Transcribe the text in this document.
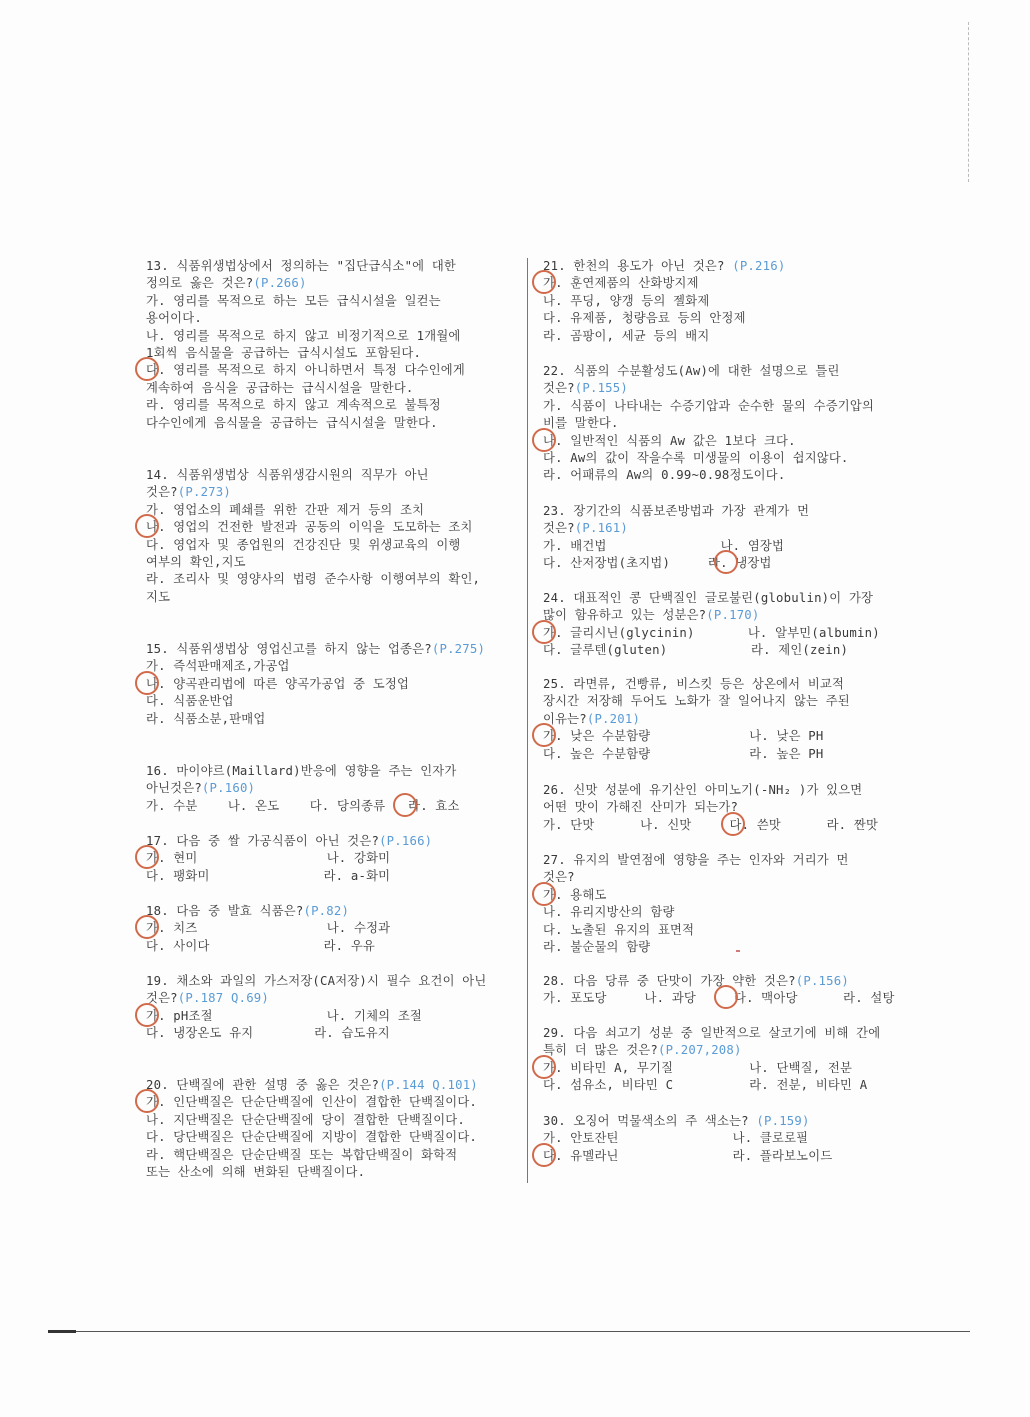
13. 식품위생법상에서 정의하는 "집단급식소"에 대한
정의로 옳은 것은?(P.266)
가. 영리를 목적으로 하는 모든 급식시설을 일컫는
용어이다.
나. 영리를 목적으로 하지 않고 비정기적으로 1개월에
1회씩 음식물을 공급하는 급식시설도 포함된다.
다. 영리를 목적으로 하지 아니하면서 특정 다수인에게
계속하여 음식을 공급하는 급식시설을 말한다.
라. 영리를 목적으로 하지 않고 계속적으로 불특정
다수인에게 음식물을 공급하는 급식시설을 말한다.
14. 식품위생법상 식품위생감시원의 직무가 아닌
것은?(P.273)
가. 영업소의 폐쇄를 위한 간판 제거 등의 조치
나. 영업의 건전한 발전과 공동의 이익을 도모하는 조치
다. 영업자 및 종업원의 건강진단 및 위생교육의 이행
여부의 확인,지도
라. 조리사 및 영양사의 법령 준수사항 이행여부의 확인,
지도
15. 식품위생법상 영업신고를 하지 않는 업종은?(P.275)
가. 즉석판매제조,가공업
나. 양곡관리법에 따른 양곡가공업 중 도정업
다. 식품운반업
라. 식품소분,판매업
16. 마이야르(Maillard)반응에 영향을 주는 인자가
아닌것은?(P.160)
가. 수분    나. 온도    다. 당의종류   라. 효소
17. 다음 중 쌀 가공식품이 아닌 것은?(P.166)
가. 현미                 나. 강화미
다. 팽화미               라. a-화미
18. 다음 중 발효 식품은?(P.82)
가. 치즈                 나. 수정과
다. 사이다               라. 우유
19. 채소와 과일의 가스저장(CA저장)시 필수 요건이 아닌
것은?(P.187 Q.69)
가. pH조절               나. 기체의 조절
다. 냉장온도 유지        라. 습도유지
20. 단백질에 관한 설명 중 옳은 것은?(P.144 Q.101)
가. 인단백질은 단순단백질에 인산이 결합한 단백질이다.
나. 지단백질은 단순단백질에 당이 결합한 단백질이다.
다. 당단백질은 단순단백질에 지방이 결합한 단백질이다.
라. 핵단백질은 단순단백질 또는 복합단백질이 화학적
또는 산소에 의해 변화된 단백질이다.
21. 한천의 용도가 아닌 것은? (P.216)
가. 훈연제품의 산화방지제
나. 푸딩, 양갱 등의 젤화제
다. 유제품, 청량음료 등의 안정제
라. 곰팡이, 세균 등의 배지
22. 식품의 수분활성도(Aw)에 대한 설명으로 틀린
것은?(P.155)
가. 식품이 나타내는 수증기압과 순수한 물의 수증기압의
비를 말한다.
나. 일반적인 식품의 Aw 값은 1보다 크다.
다. Aw의 값이 작을수록 미생물의 이용이 쉽지않다.
라. 어패류의 Aw의 0.99~0.98정도이다.
23. 장기간의 식품보존방법과 가장 관계가 먼
것은?(P.161)
가. 배건법               나. 염장법
다. 산저장법(초지법)     라. 냉장법
24. 대표적인 콩 단백질인 글로불린(globulin)이 가장
많이 함유하고 있는 성분은?(P.170)
가. 글리시닌(glycinin)       나. 알부민(albumin)
다. 글루텐(gluten)           라. 제인(zein)
25. 라면류, 건빵류, 비스킷 등은 상온에서 비교적
장시간 저장해 두어도 노화가 잘 일어나지 않는 주된
이유는?(P.201)
가. 낮은 수분함량             나. 낮은 PH
다. 높은 수분함량             라. 높은 PH
26. 신맛 성분에 유기산인 아미노기(-NH₂ )가 있으면
어떤 맛이 가해진 산미가 되는가?
가. 단맛      나. 신맛     다. 쓴맛      라. 짠맛
27. 유지의 발연점에 영향을 주는 인자와 거리가 먼
것은?
가. 용해도
나. 유리지방산의 함량
다. 노출된 유지의 표면적
라. 불순물의 함량
28. 다음 당류 중 단맛이 가장 약한 것은?(P.156)
가. 포도당     나. 과당     다. 맥아당      라. 설탕
29. 다음 쇠고기 성분 중 일반적으로 살코기에 비해 간에
특히 더 많은 것은?(P.207,208)
가. 비타민 A, 무기질          나. 단백질, 전분
다. 섬유소, 비타민 C          라. 전분, 비타민 A
30. 오징어 먹물색소의 주 색소는? (P.159)
가. 안토잔틴               나. 클로로필
다. 유멜라닌               라. 플라보노이드
